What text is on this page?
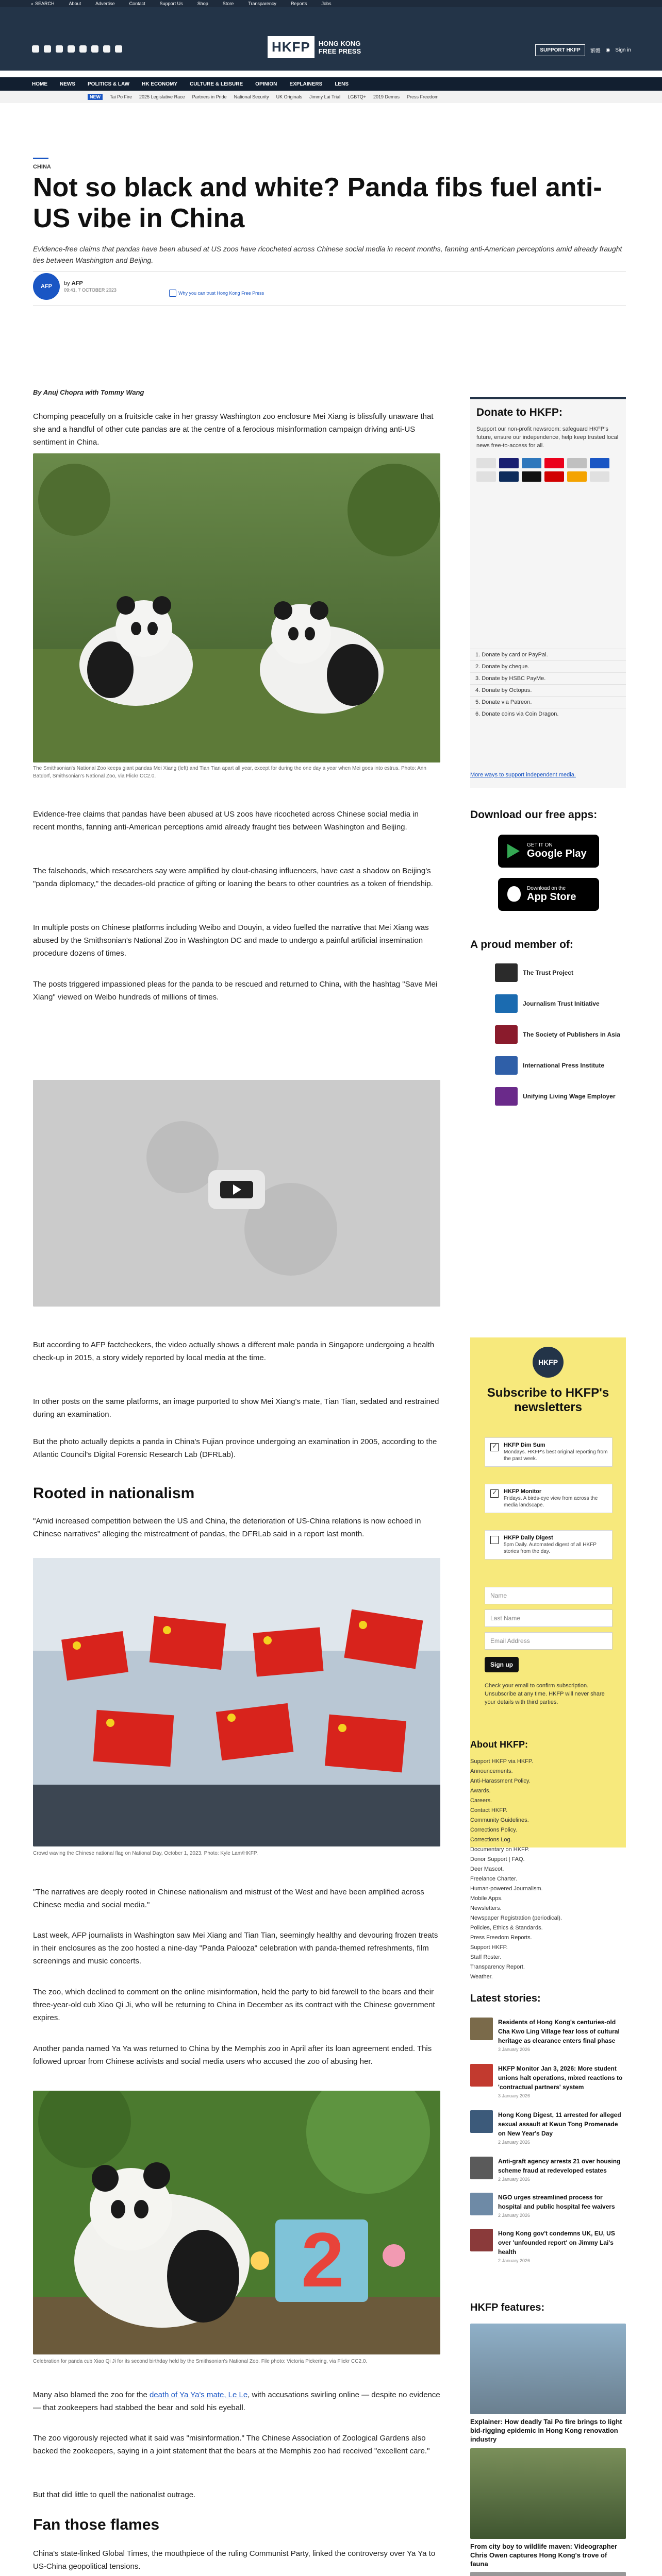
⌕ SEARCH	About	Advertise	Contact	Support Us	Shop	Store	Transparency	Reports	Jobs
HKFP	HONG KONG
FREE PRESS	SUPPORT HKFP	繁體 ◉ Sign in
HOME NEWS POLITICS & LAW HK ECONOMY CULTURE & LEISURE OPINION EXPLAINERS LENS
NEW	Tai Po Fire 2025 Legislative Race Partners in Pride National Security UK Originals Jimmy Lai Trial LGBTQ+ 2019 Demos Press Freedom
CHINA
Not so black and white? Panda fibs fuel anti-US vibe in China
Evidence-free claims that pandas have been abused at US zoos have ricocheted across Chinese social media in recent months, fanning anti-American perceptions amid already fraught ties between Washington and Beijing.
AFP	by AFP
09:41, 7 OCTOBER 2023
Why you can trust Hong Kong Free Press
By Anuj Chopra with Tommy Wang
Chomping peacefully on a fruitsicle cake in her grassy Washington zoo enclosure Mei Xiang is blissfully unaware that she and a handful of other cute pandas are at the centre of a ferocious misinformation campaign driving anti-US sentiment in China.
The Smithsonian's National Zoo keeps giant pandas Mei Xiang (left) and Tian Tian apart all year, except for during the one day a year when Mei goes into estrus. Photo: Ann Batdorf, Smithsonian's National Zoo, via Flickr CC2.0.
Evidence-free claims that pandas have been abused at US zoos have ricocheted across Chinese social media in recent months, fanning anti-American perceptions amid already fraught ties between Washington and Beijing.
The falsehoods, which researchers say were amplified by clout-chasing influencers, have cast a shadow on Beijing's "panda diplomacy," the decades-old practice of gifting or loaning the bears to other countries as a token of friendship.
In multiple posts on Chinese platforms including Weibo and Douyin, a video fuelled the narrative that Mei Xiang was abused by the Smithsonian's National Zoo in Washington DC and made to undergo a painful artificial insemination procedure dozens of times.
The posts triggered impassioned pleas for the panda to be rescued and returned to China, with the hashtag "Save Mei Xiang" viewed on Weibo hundreds of millions of times.
But according to AFP factcheckers, the video actually shows a different male panda in Singapore undergoing a health check-up in 2015, a story widely reported by local media at the time.
In other posts on the same platforms, an image purported to show Mei Xiang's mate, Tian Tian, sedated and restrained during an examination.
But the photo actually depicts a panda in China's Fujian province undergoing an examination in 2005, according to the Atlantic Council's Digital Forensic Research Lab (DFRLab).
Rooted in nationalism
"Amid increased competition between the US and China, the deterioration of US-China relations is now echoed in Chinese narratives" alleging the mistreatment of pandas, the DFRLab said in a report last month.
Crowd waving the Chinese national flag on National Day, October 1, 2023. Photo: Kyle Lam/HKFP.
"The narratives are deeply rooted in Chinese nationalism and mistrust of the West and have been amplified across Chinese media and social media."
Last week, AFP journalists in Washington saw Mei Xiang and Tian Tian, seemingly healthy and devouring frozen treats in their enclosures as the zoo hosted a nine-day "Panda Palooza" celebration with panda-themed refreshments, film screenings and music concerts.
The zoo, which declined to comment on the online misinformation, held the party to bid farewell to the bears and their three-year-old cub Xiao Qi Ji, who will be returning to China in December as its contract with the Chinese government expires.
Another panda named Ya Ya was returned to China by the Memphis zoo in April after its loan agreement ended. This followed uproar from Chinese activists and social media users who accused the zoo of abusing her.
2
Celebration for panda cub Xiao Qi Ji for its second birthday held by the Smithsonian's National Zoo. File photo: Victoria Pickering, via Flickr CC2.0.
Many also blamed the zoo for the death of Ya Ya's mate, Le Le, with accusations swirling online — despite no evidence — that zookeepers had stabbed the bear and sold his eyeball.
The zoo vigorously rejected what it said was "misinformation." The Chinese Association of Zoological Gardens also backed the zookeepers, saying in a joint statement that the bears at the Memphis zoo had received "excellent care."
But that did little to quell the nationalist outrage.
Fan those flames
China's state-linked Global Times, the mouthpiece of the ruling Communist Party, linked the controversy over Ya Ya to US-China geopolitical tensions.
Donate to HKFP:
Support our non-profit newsroom: safeguard HKFP's future, ensure our independence, help keep trusted local news free-to-access for all.
1. Donate by card or PayPal.
2. Donate by cheque.
3. Donate by HSBC PayMe.
4. Donate by Octopus.
5. Donate via Patreon.
6. Donate coins via Coin Dragon.
More ways to support independent media.
Download our free apps:
GET IT ON
Google Play
Download on the
App Store
A proud member of:
The Trust Project
Journalism Trust Initiative
The Society of Publishers in Asia
International Press Institute
Unifying Living Wage Employer
HKFP
Subscribe to HKFP's newsletters
✓
HKFP Dim Sum
Mondays. HKFP's best original reporting from the past week.
✓
HKFP Monitor
Fridays. A birds-eye view from across the media landscape.
HKFP Daily Digest
5pm Daily. Automated digest of all HKFP stories from the day.
Name
Last Name
Email Address
Sign up
Check your email to confirm subscription. Unsubscribe at any time. HKFP will never share your details with third parties.
About HKFP:
Support HKFP via HKFP.
Announcements.
Anti-Harassment Policy.
Awards.
Careers.
Contact HKFP.
Community Guidelines.
Corrections Policy.
Corrections Log.
Documentary on HKFP.
Donor Support | FAQ.
Deer Mascot.
Freelance Charter.
Human-powered Journalism.
Mobile Apps.
Newsletters.
Newspaper Registration (periodical).
Policies, Ethics & Standards.
Press Freedom Reports.
Support HKFP.
Staff Roster.
Transparency Report.
Weather.
Latest stories:
Residents of Hong Kong's centuries-old Cha Kwo Ling Village fear loss of cultural heritage as clearance enters final phase
3 January 2026
HKFP Monitor Jan 3, 2026: More student unions halt operations, mixed reactions to 'contractual partners' system
3 January 2026
Hong Kong Digest, 11 arrested for alleged sexual assault at Kwun Tong Promenade on New Year's Day
2 January 2026
Anti-graft agency arrests 21 over housing scheme fraud at redeveloped estates
2 January 2026
NGO urges streamlined process for hospital and public hospital fee waivers
2 January 2026
Hong Kong gov't condemns UK, EU, US over 'unfounded report' on Jimmy Lai's health
2 January 2026
HKFP features:
Explainer: How deadly Tai Po fire brings to light bid-rigging epidemic in Hong Kong renovation industry
From city boy to wildlife maven: Videographer Chris Owen captures Hong Kong's trove of fauna
